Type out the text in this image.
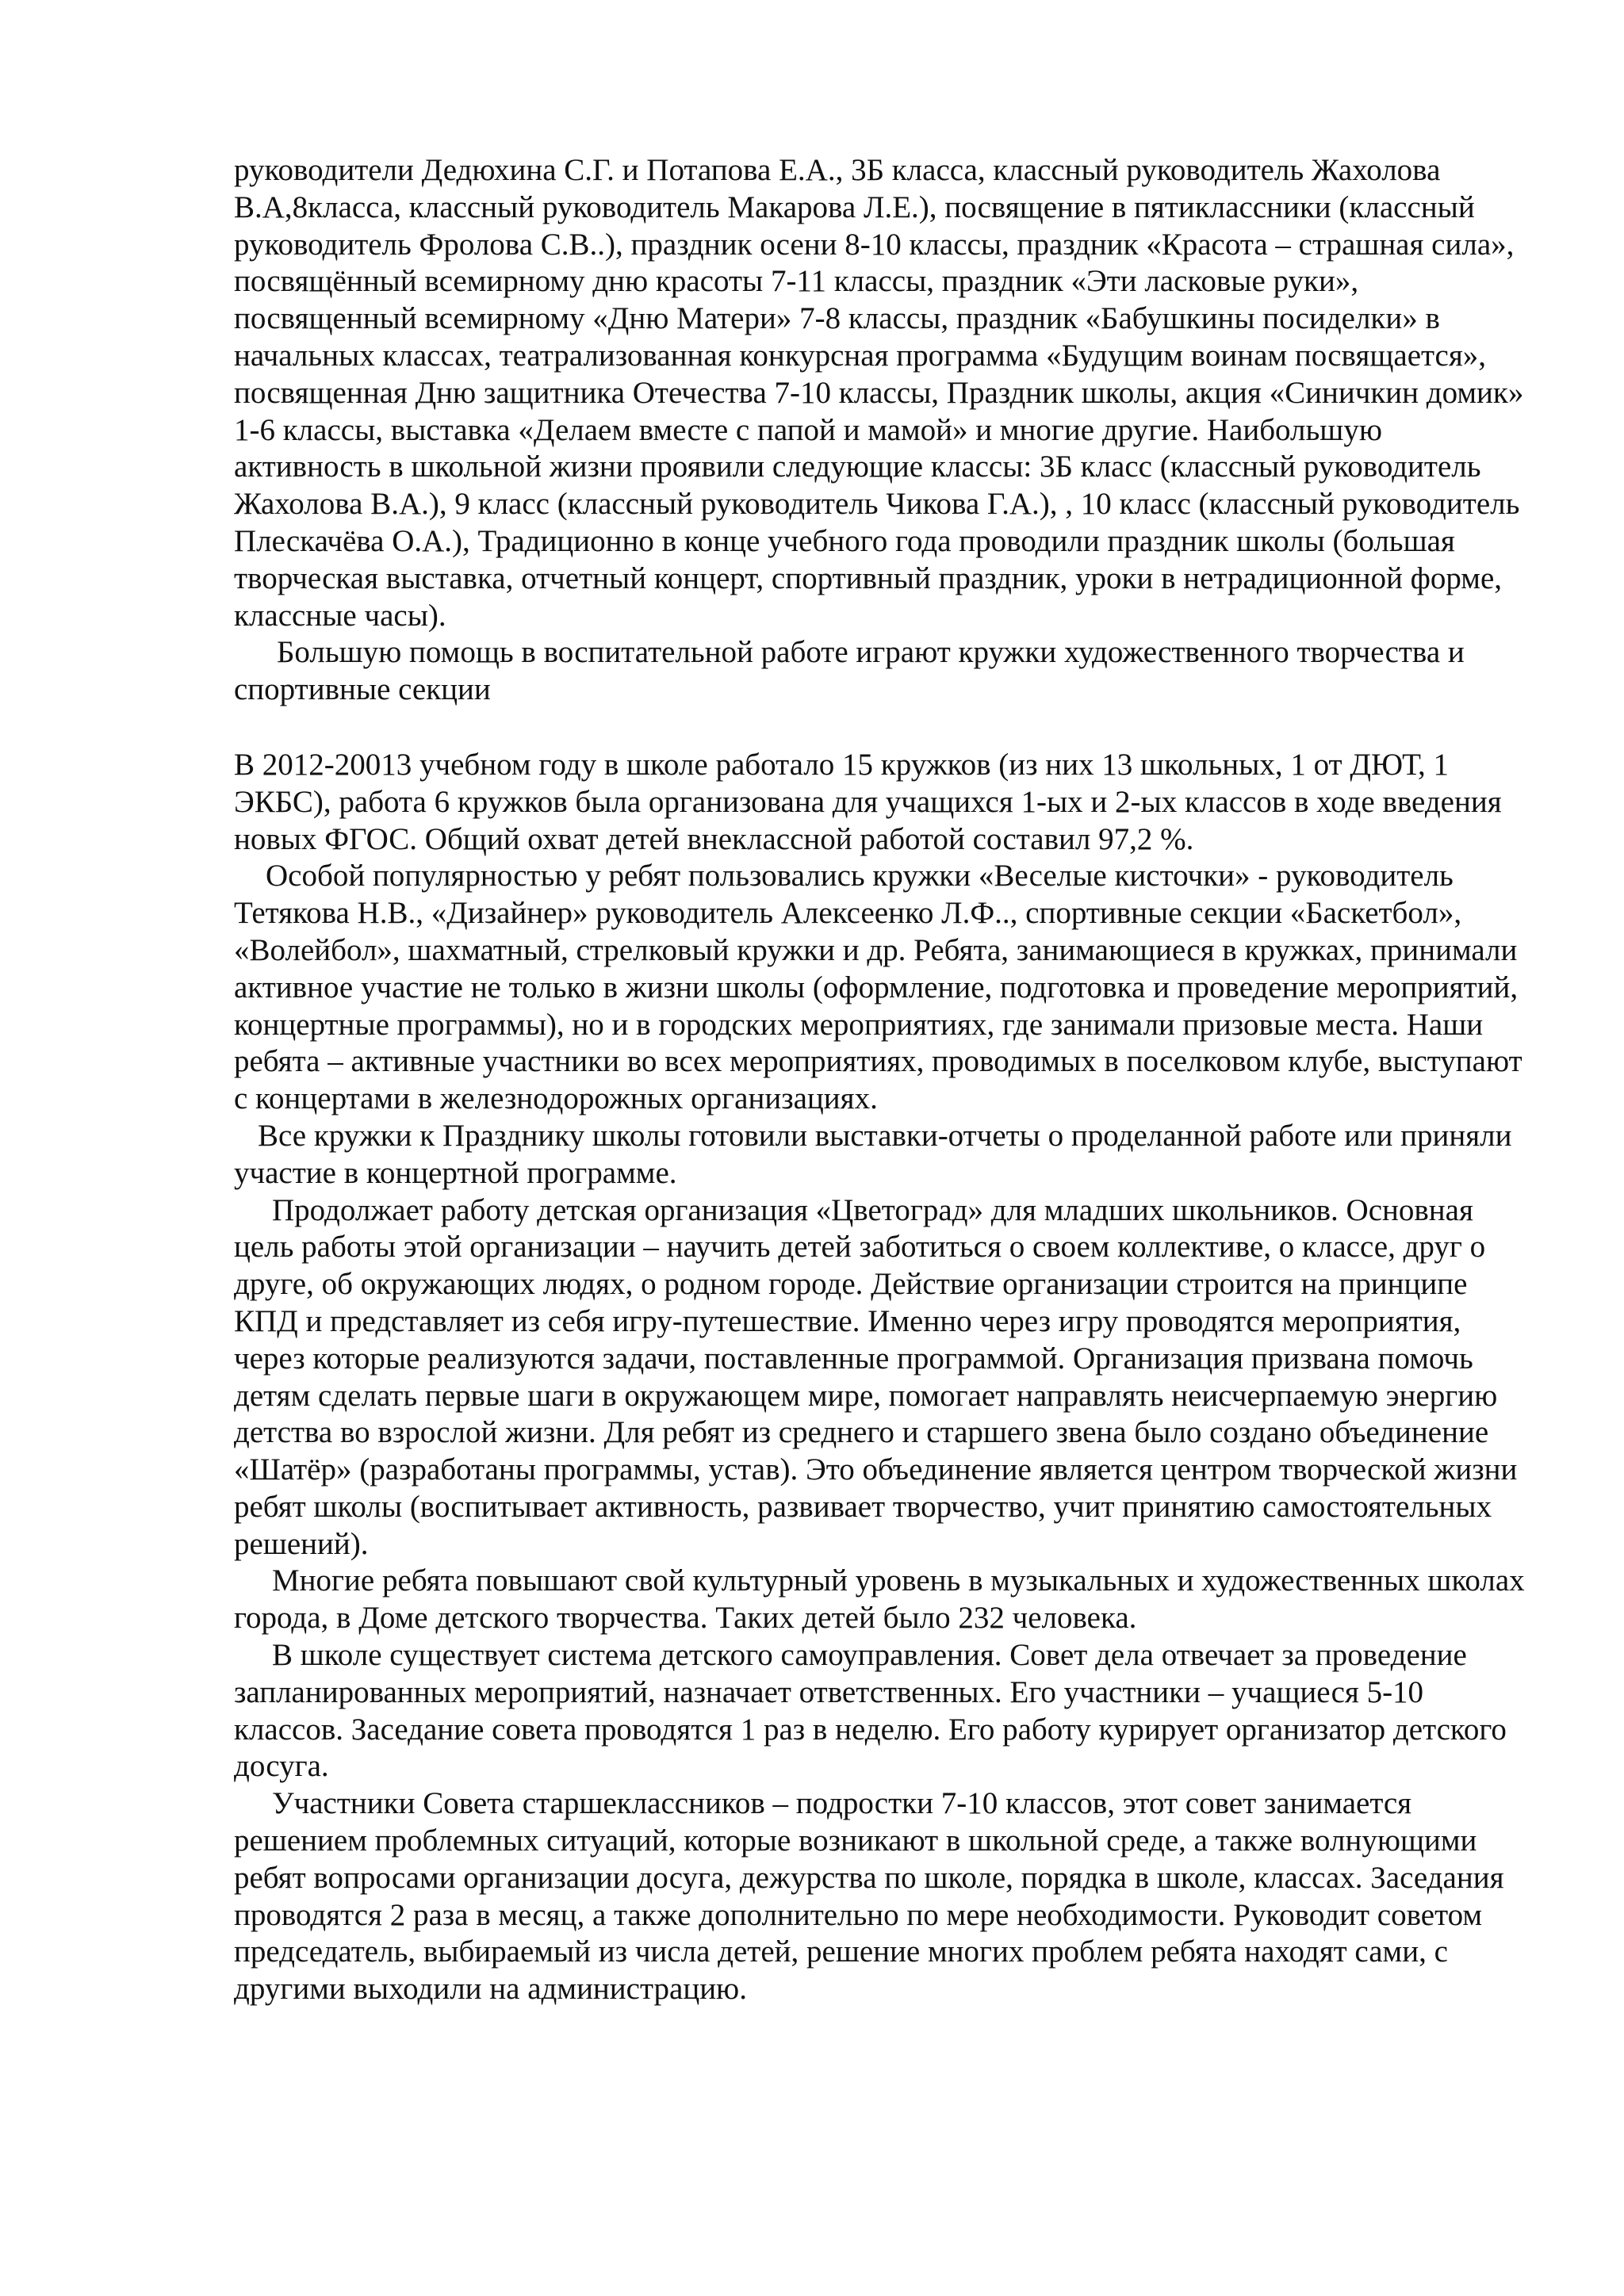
руководители Дедюхина С.Г. и Потапова Е.А., 3Б класса, классный руководитель Жахолова В.А,8класса, классный руководитель Макарова Л.Е.), посвящение в пятиклассники (классный руководитель Фролова С.В..), праздник осени 8-10 классы, праздник «Красота – страшная сила», посвящённый всемирному дню красоты 7-11 классы, праздник «Эти ласковые руки», посвященный всемирному «Дню Матери» 7-8 классы, праздник «Бабушкины посиделки» в начальных классах, театрализованная конкурсная программа «Будущим воинам посвящается», посвященная Дню защитника Отечества 7-10 классы, Праздник школы, акция «Синичкин домик» 1-6 классы, выставка «Делаем вместе с папой и мамой» и многие другие. Наибольшую активность в школьной жизни проявили следующие классы: 3Б класс (классный руководитель Жахолова В.А.), 9 класс (классный руководитель Чикова Г.А.), , 10 класс (классный руководитель Плескачёва О.А.), Традиционно в конце учебного года проводили праздник школы (большая творческая выставка, отчетный концерт, спортивный праздник, уроки в нетрадиционной форме, классные часы).

Большую помощь в воспитательной работе играют кружки художественного творчества и спортивные секции

В 2012-20013 учебном году в школе работало 15 кружков (из них 13 школьных, 1 от ДЮТ, 1 ЭКБС), работа 6 кружков была организована для учащихся 1-ых и 2-ых классов в ходе введения новых ФГОС. Общий охват детей внеклассной работой составил 97,2 %.

Особой популярностью у ребят пользовались кружки «Веселые кисточки» - руководитель Тетякова Н.В., «Дизайнер» руководитель Алексеенко Л.Ф.., спортивные секции «Баскетбол», «Волейбол», шахматный, стрелковый кружки и др. Ребята, занимающиеся в кружках, принимали активное участие не только в жизни школы (оформление, подготовка и проведение мероприятий, концертные программы), но и в городских мероприятиях, где занимали призовые места. Наши ребята – активные участники во всех мероприятиях, проводимых в поселковом клубе, выступают с концертами в железнодорожных организациях.

Все кружки к Празднику школы готовили выставки-отчеты о проделанной работе или приняли участие в концертной программе.

Продолжает работу детская организация «Цветоград» для младших школьников. Основная цель работы этой организации – научить детей заботиться о своем коллективе, о классе, друг о друге, об окружающих людях, о родном городе. Действие организации строится на принципе КПД и представляет из себя игру-путешествие. Именно через игру проводятся мероприятия, через которые реализуются задачи, поставленные программой. Организация призвана помочь детям сделать первые шаги в окружающем мире, помогает направлять неисчерпаемую энергию детства во взрослой жизни. Для ребят из среднего и старшего звена было создано объединение «Шатёр» (разработаны программы, устав). Это объединение является центром творческой жизни ребят школы (воспитывает активность, развивает творчество, учит принятию самостоятельных решений).

Многие ребята повышают свой культурный уровень в музыкальных и художественных школах города, в Доме детского творчества. Таких детей было 232 человека.

В школе существует система детского самоуправления. Совет дела отвечает за проведение запланированных мероприятий, назначает ответственных. Его участники – учащиеся 5-10 классов. Заседание совета проводятся 1 раз в неделю. Его работу курирует организатор детского досуга.

Участники Совета старшеклассников – подростки 7-10 классов, этот совет занимается решением проблемных ситуаций, которые возникают в школьной среде, а также волнующими ребят вопросами организации досуга, дежурства по школе, порядка в школе, классах. Заседания проводятся 2 раза в месяц, а также дополнительно по мере необходимости. Руководит советом председатель, выбираемый из числа детей, решение многих проблем ребята находят сами, с другими выходили на администрацию.
